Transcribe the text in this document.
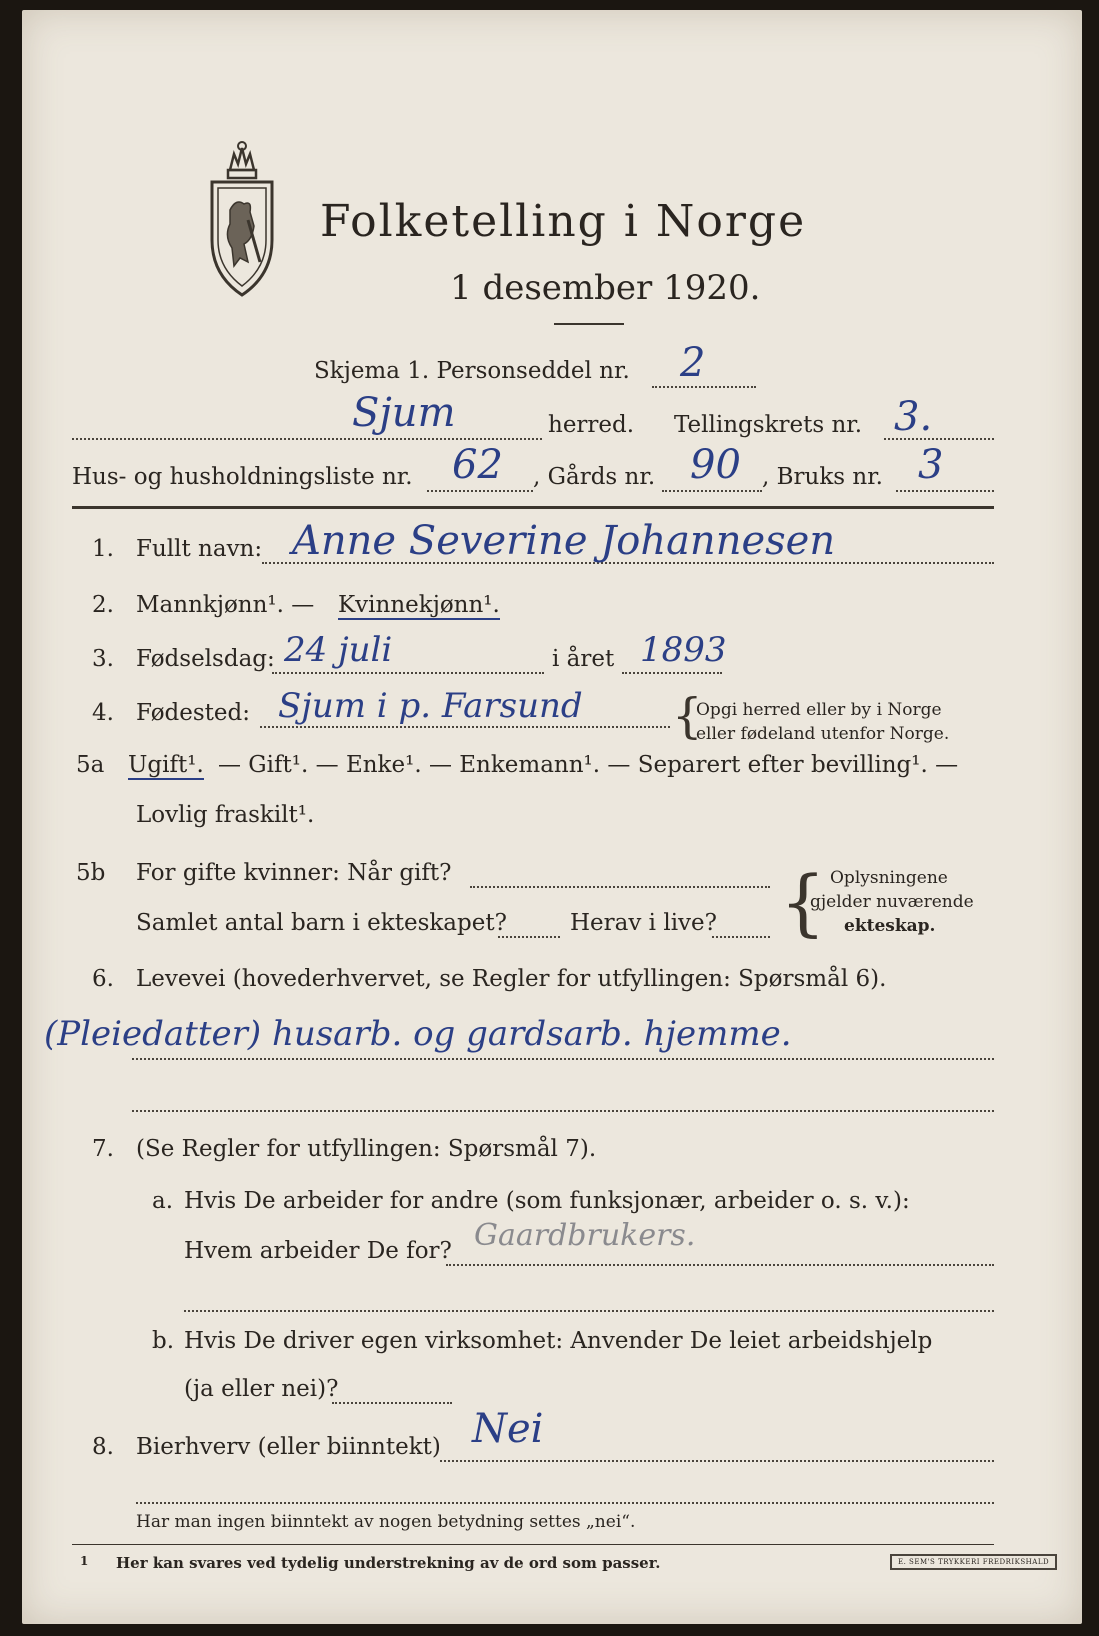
Folketelling i Norge
1 desember 1920.
Skjema 1. Personseddel nr. 2
Sjum	herred. Tellingskrets nr. 3.
Hus- og husholdningsliste nr. 62 , Gårds nr. 90 , Bruks nr. 3
1. Fullt navn: Anne Severine Johannesen
2. Mannkjønn¹. — Kvinnekjønn¹.
3. Fødselsdag: 24 juli	i året 1893
4. Fødested: Sjum i p. Farsund {
Opgi herred eller by i Norge
eller fødeland utenfor Norge.
5a Ugift¹. — Gift¹. — Enke¹. — Enkemann¹. — Separert efter bevilling¹. —
Lovlig fraskilt¹.
5b For gifte kvinner: Når gift?
Samlet antal barn i ekteskapet?	Herav i live? { Oplysningene
gjelder nuværende
ekteskap.
6. Levevei (hovederhvervet, se Regler for utfyllingen: Spørsmål 6).
(Pleiedatter) husarb. og gardsarb. hjemme.
7. (Se Regler for utfyllingen: Spørsmål 7).
a. Hvis De arbeider for andre (som funksjonær, arbeider o. s. v.):
Hvem arbeider De for? Gaardbrukers.
b. Hvis De driver egen virksomhet: Anvender De leiet arbeidshjelp
(ja eller nei)?
8. Bierhverv (eller biinntekt) Nei
Har man ingen biinntekt av nogen betydning settes „nei“.
1 Her kan svares ved tydelig understrekning av de ord som passer.	E. SEM'S TRYKKERI FREDRIKSHALD
